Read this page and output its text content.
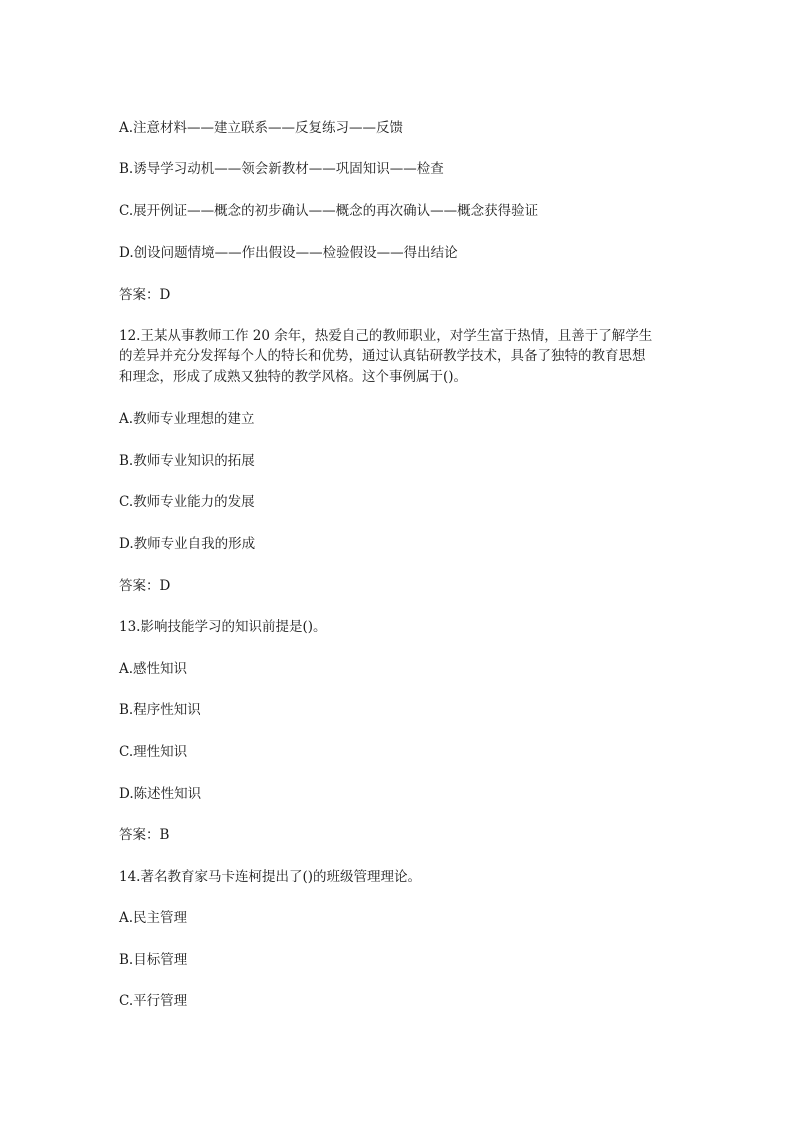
A.注意材料——建立联系——反复练习——反馈

B.诱导学习动机——领会新教材——巩固知识——检查

C.展开例证——概念的初步确认——概念的再次确认——概念获得验证

D.创设问题情境——作出假设——检验假设——得出结论

答案：D

12.王某从事教师工作 20 余年，热爱自己的教师职业，对学生富于热情，且善于了解学生

的差异并充分发挥每个人的特长和优势，通过认真钻研教学技术，具备了独特的教育思想

和理念，形成了成熟又独特的教学风格。这个事例属于()。

A.教师专业理想的建立

B.教师专业知识的拓展

C.教师专业能力的发展

D.教师专业自我的形成

答案：D

13.影响技能学习的知识前提是()。

A.感性知识

B.程序性知识

C.理性知识

D.陈述性知识

答案：B

14.著名教育家马卡连柯提出了()的班级管理理论。

A.民主管理

B.目标管理

C.平行管理
